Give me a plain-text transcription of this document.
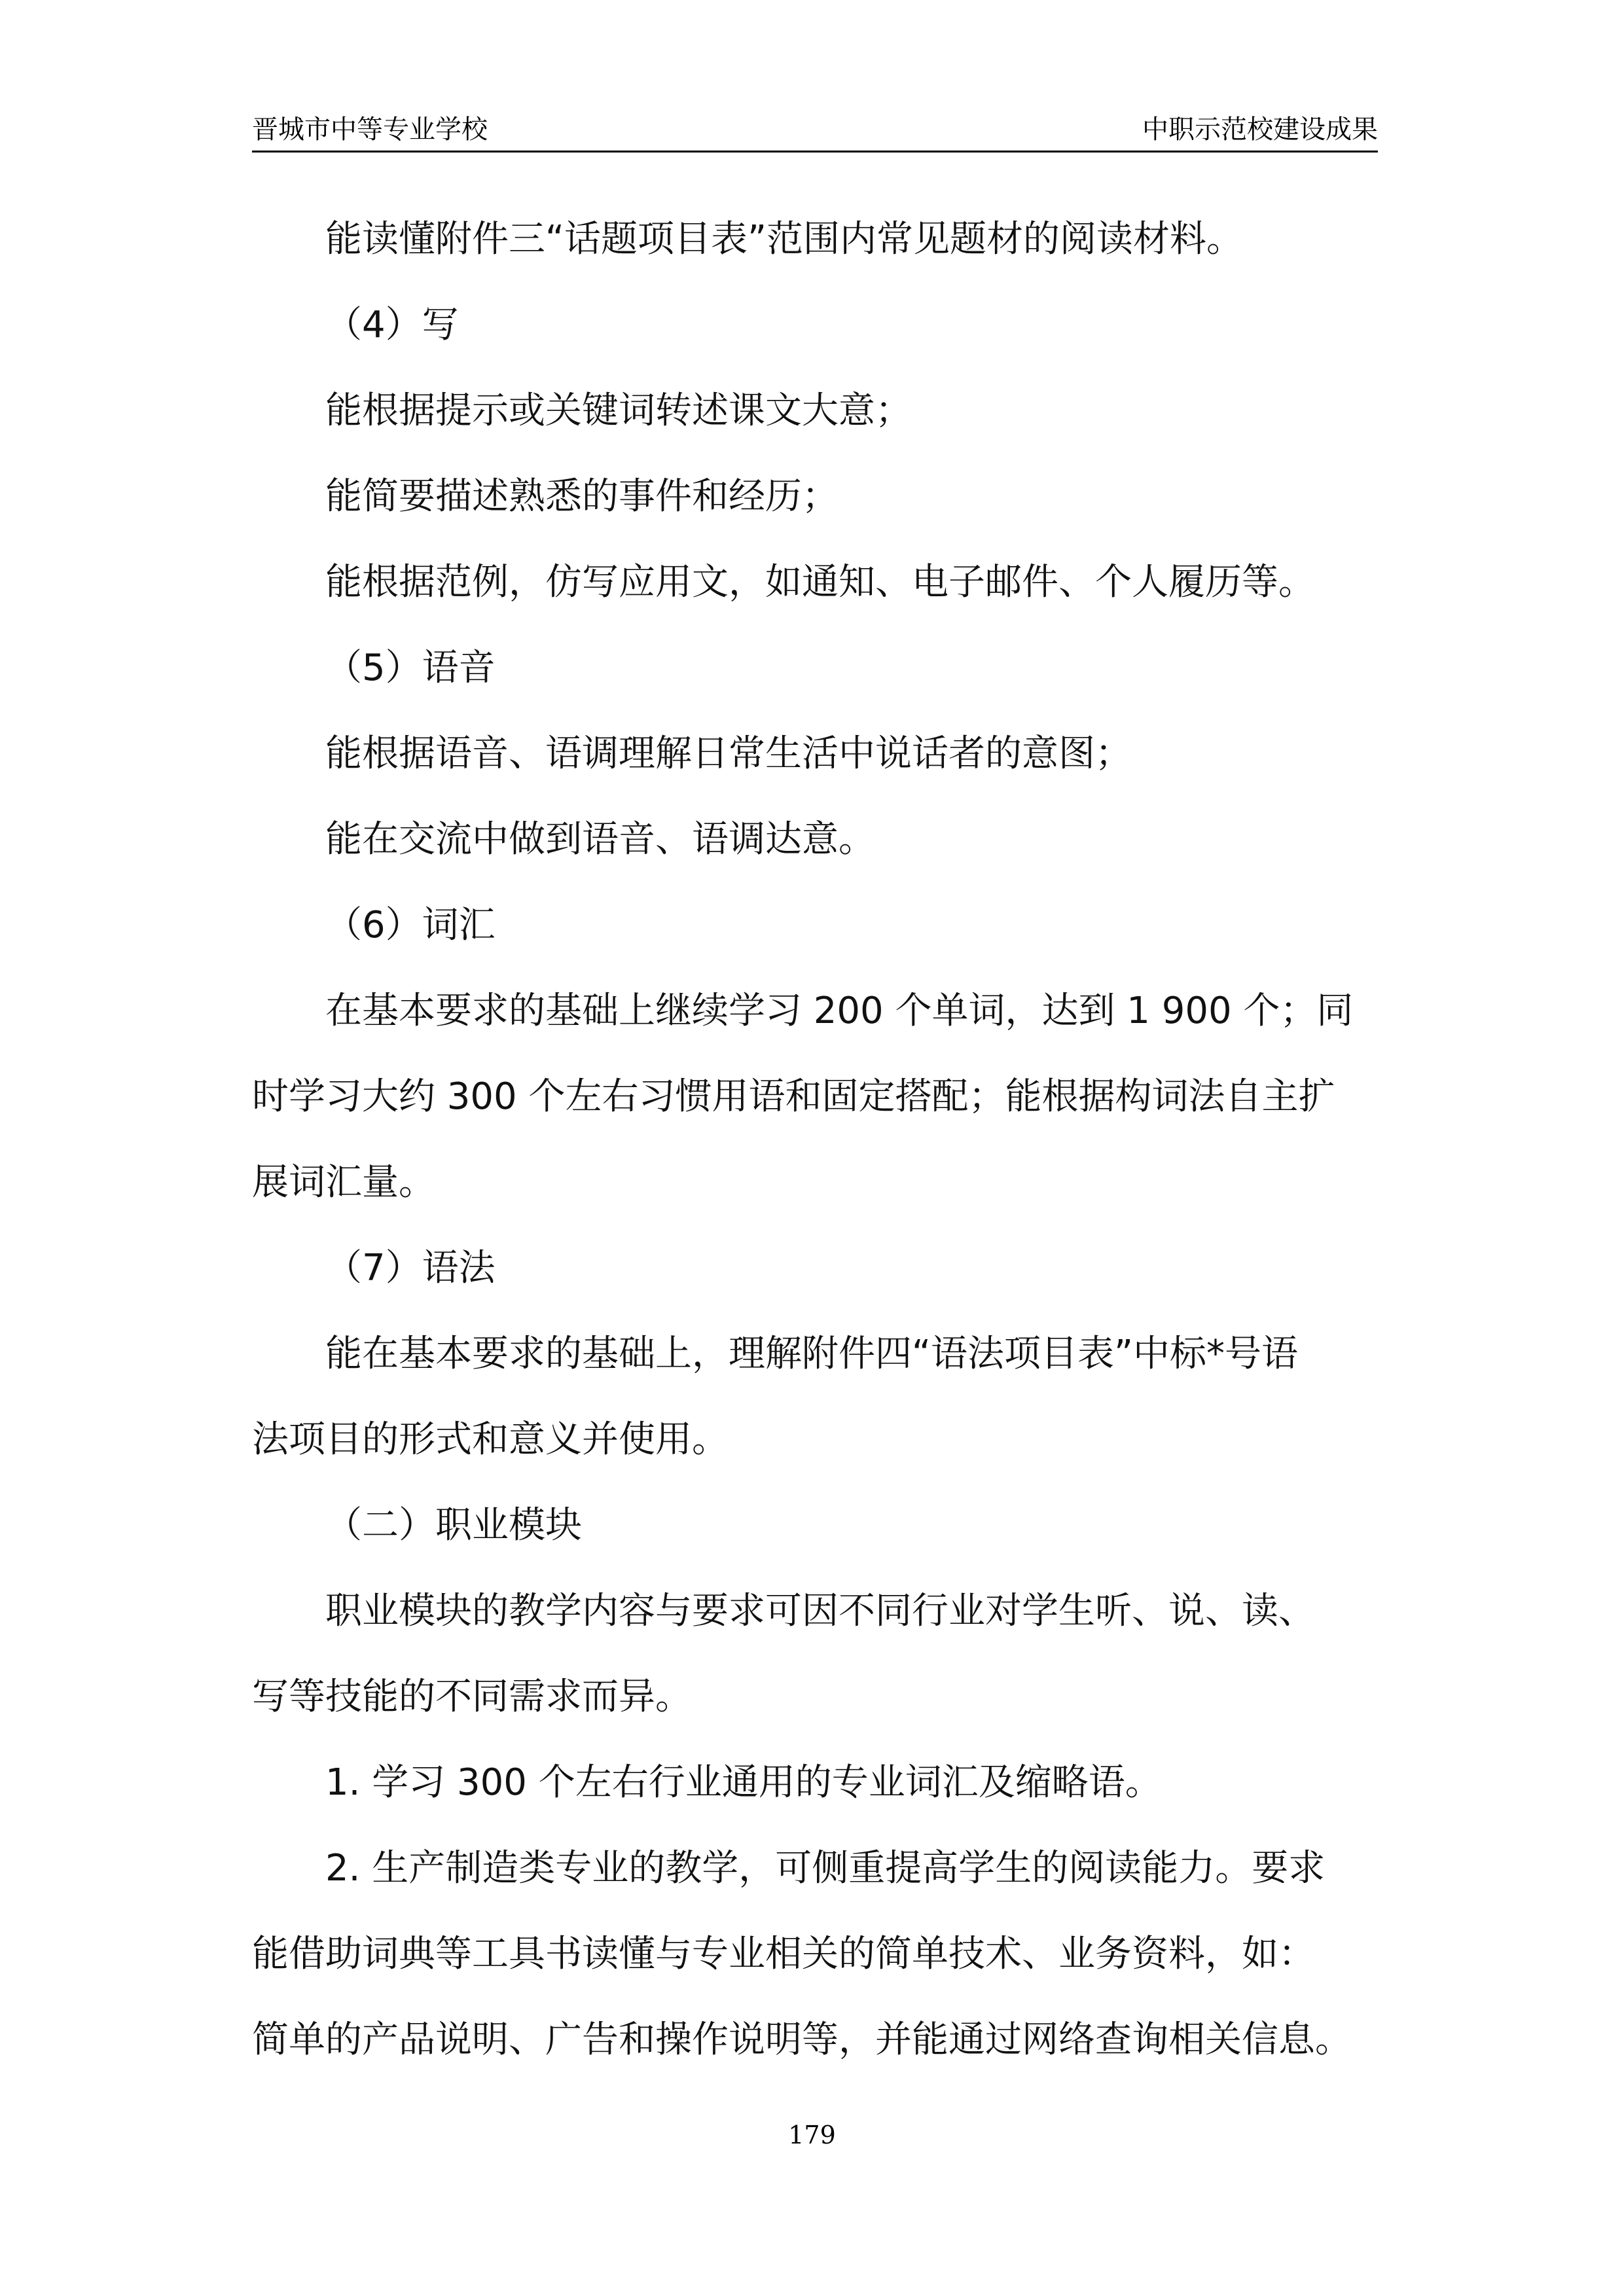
晋城市中等专业学校	中职示范校建设成果

能读懂附件三“话题项目表”范围内常见题材的阅读材料。

（4）写

能根据提示或关键词转述课文大意；

能简要描述熟悉的事件和经历；

能根据范例，仿写应用文，如通知、电子邮件、个人履历等。

（5）语音

能根据语音、语调理解日常生活中说话者的意图；

能在交流中做到语音、语调达意。

（6）词汇

在基本要求的基础上继续学习 200 个单词，达到 1 900 个；同

时学习大约 300 个左右习惯用语和固定搭配；能根据构词法自主扩

展词汇量。

（7）语法

能在基本要求的基础上，理解附件四“语法项目表”中标*号语

法项目的形式和意义并使用。

（二）职业模块

职业模块的教学内容与要求可因不同行业对学生听、说、读、

写等技能的不同需求而异。

1. 学习 300 个左右行业通用的专业词汇及缩略语。

2. 生产制造类专业的教学，可侧重提高学生的阅读能力。要求

能借助词典等工具书读懂与专业相关的简单技术、业务资料，如：

简单的产品说明、广告和操作说明等，并能通过网络查询相关信息。

179
